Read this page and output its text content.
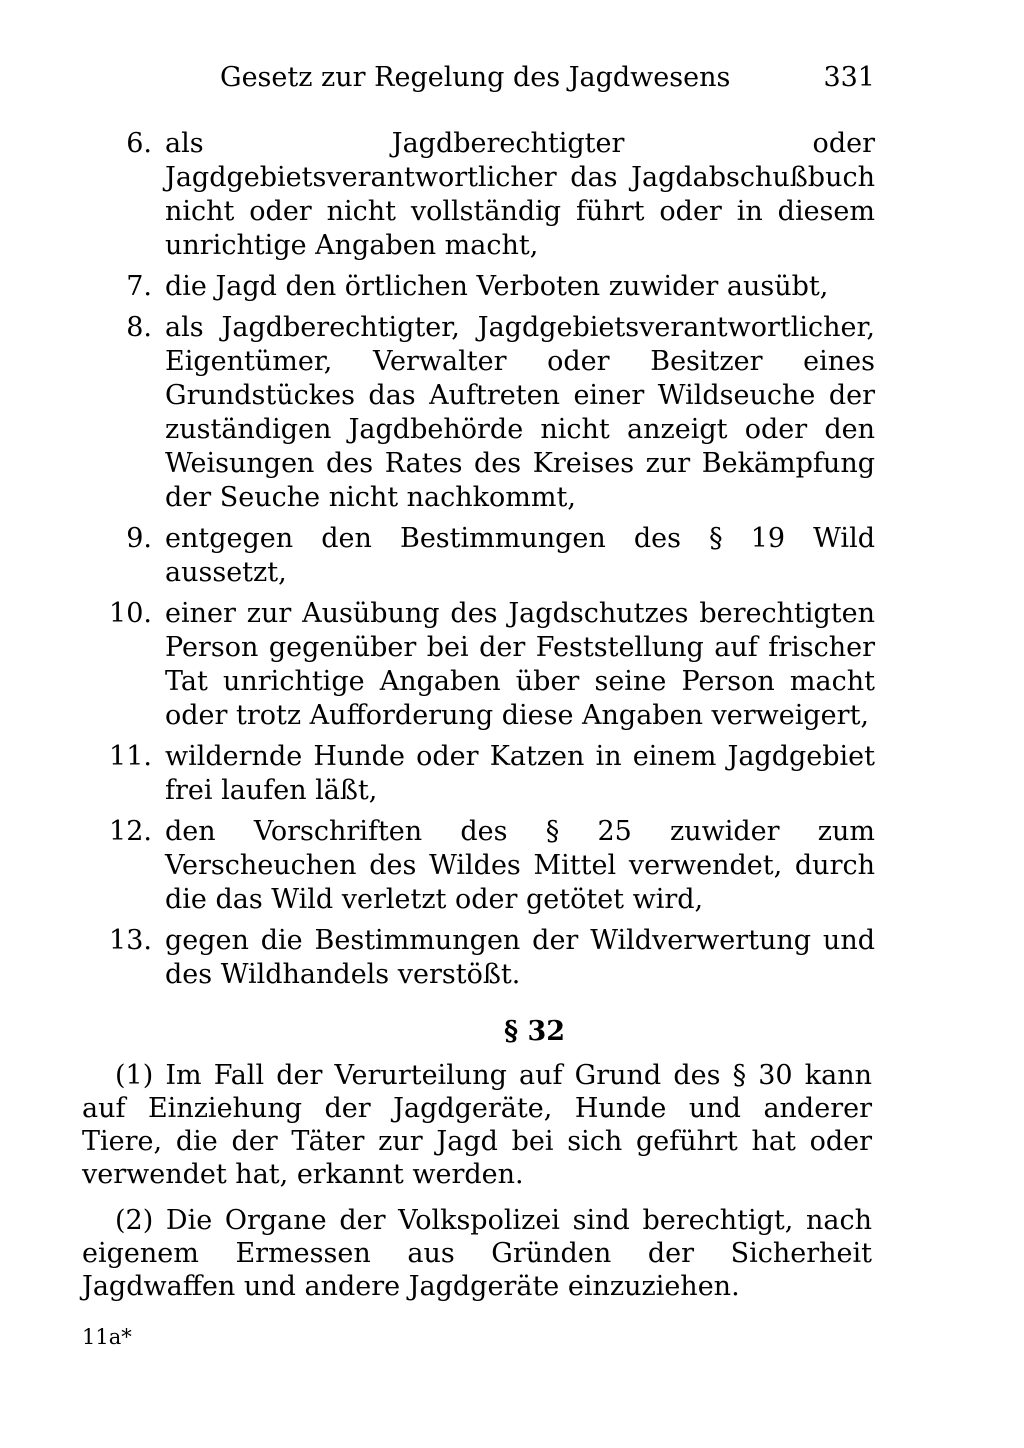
Gesetz zur Regelung des Jagdwesens	331
6. als Jagdberechtigter oder Jagdgebietsverantwortlicher das Jagdabschußbuch nicht oder nicht vollständig führt oder in diesem unrichtige Angaben macht,
7. die Jagd den örtlichen Verboten zuwider ausübt,
8. als Jagdberechtigter, Jagdgebietsverantwortlicher, Eigentümer, Verwalter oder Besitzer eines Grundstückes das Auftreten einer Wildseuche der zuständigen Jagdbehörde nicht anzeigt oder den Weisungen des Rates des Kreises zur Bekämpfung der Seuche nicht nachkommt,
9. entgegen den Bestimmungen des § 19 Wild aussetzt,
10. einer zur Ausübung des Jagdschutzes berechtigten Person gegenüber bei der Feststellung auf frischer Tat unrichtige Angaben über seine Person macht oder trotz Aufforderung diese Angaben verweigert,
11. wildernde Hunde oder Katzen in einem Jagdgebiet frei laufen läßt,
12. den Vorschriften des § 25 zuwider zum Verscheuchen des Wildes Mittel verwendet, durch die das Wild verletzt oder getötet wird,
13. gegen die Bestimmungen der Wildverwertung und des Wildhandels verstößt.
§ 32

(1) Im Fall der Verurteilung auf Grund des § 30 kann auf Einziehung der Jagdgeräte, Hunde und anderer Tiere, die der Täter zur Jagd bei sich geführt hat oder verwendet hat, erkannt werden.

(2) Die Organe der Volkspolizei sind berechtigt, nach eigenem Ermessen aus Gründen der Sicherheit Jagdwaffen und andere Jagdgeräte einzuziehen.

11a*
